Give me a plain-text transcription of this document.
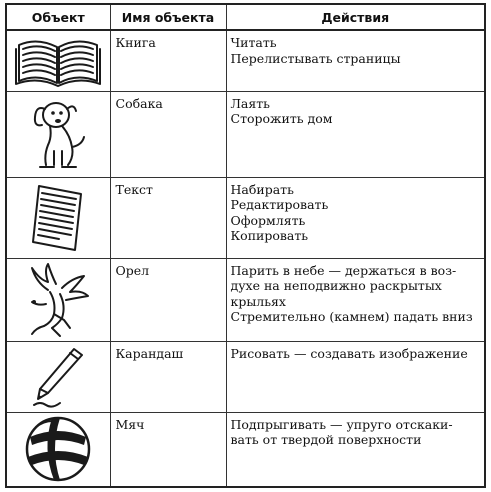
Объект	Имя объекта	Действия

	Книга	Читать
Перелистывать страницы

	Собака	Лаять
Сторожить дом

	Текст	Набирать
Редактировать
Оформлять
Копировать

	Орел	Парить в небе — держаться в воз-
духе на неподвижно раскрытых
крыльях
Стремительно (камнем) падать вниз

	Карандаш	Рисовать — создавать изображение

	Мяч	Подпрыгивать — упруго отскаки-
вать от твердой поверхности
